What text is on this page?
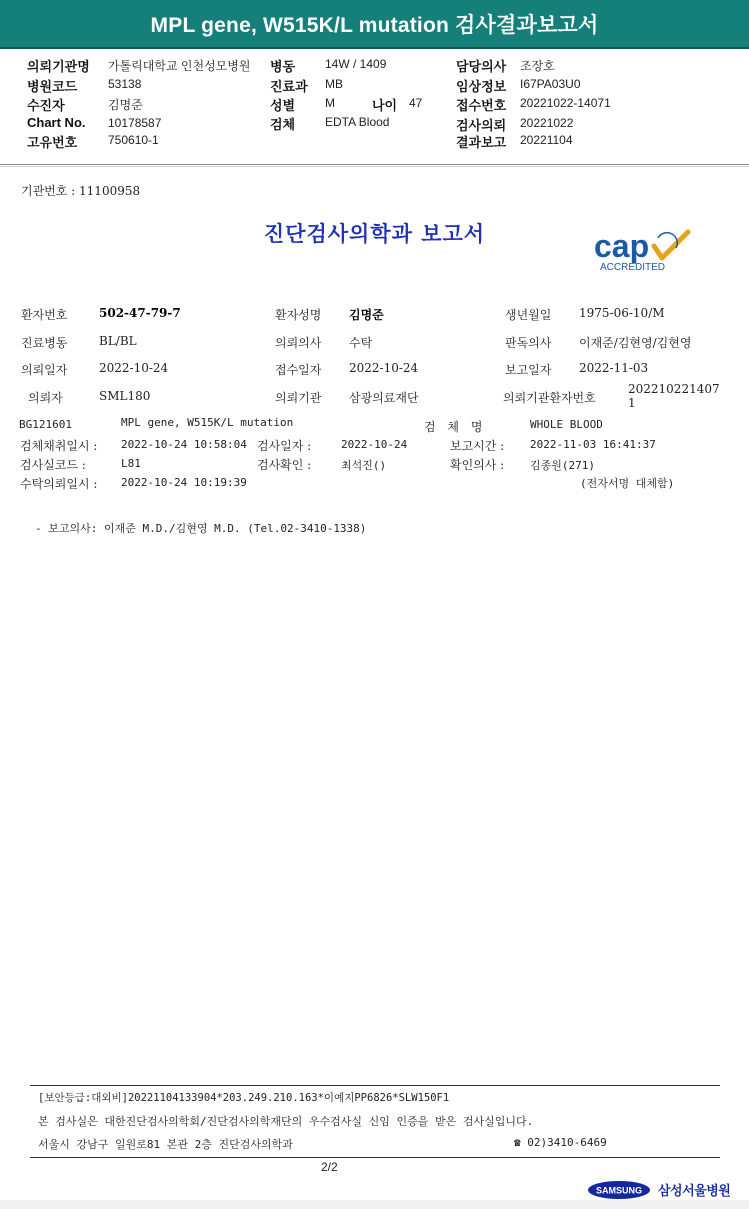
MPL gene, W515K/L mutation 검사결과보고서
의뢰기관명 가톨릭대학교 인천성모병원 병동 14W / 1409	담당의사 조장호
병원코드	53138	진료과 MB	임상정보 I67PA03U0
수진자	김명준	성별 M	나이 47	접수번호 20221022-14071
Chart No. 10178587	검체 EDTA Blood	검사의뢰 20221022
고유번호	750610-1	결과보고 20221104
기관번호 : 11100958
진단검사의학과 보고서	cap
ACCREDITED
환자번호	502-47-79-7	환자성명 김명준	생년월일 1975-06-10/M
진료병동	BL/BL	의뢰의사 수탁	판독의사 이재준/김현영/김현영
의뢰일자	2022-10-24	접수일자 2022-10-24	보고일자 2022-11-03
의뢰자	SML180	의뢰기관 삼광의료재단	의뢰기관환자번호
202210221407
1
BG121601	MPL gene, W515K/L mutation	검 체 명	WHOLE BLOOD
검체채취일시 : 2022-10-24 10:58:04 검사일자 :	2022-10-24	보고시간 : 2022-11-03 16:41:37
검사실코드 :	L81	검사확인 :	최석진()	확인의사 : 김종원(271)
수탁의뢰일시 : 2022-10-24 10:19:39	(전자서명 대체함)
- 보고의사: 이재준 M.D./김현영 M.D. (Tel.02-3410-1338)
[보안등급:대외비]20221104133904*203.249.210.163*이예지PP6826*SLW150F1
본 검사실은 대한진단검사의학회/진단검사의학재단의 우수검사실 신임 인증을 받은 검사실입니다.
서울시 강남구 일원로81 본관 2층 진단검사의학과	☎ 02)3410-6469
2/2
SAMSUNG 삼성서울병원
